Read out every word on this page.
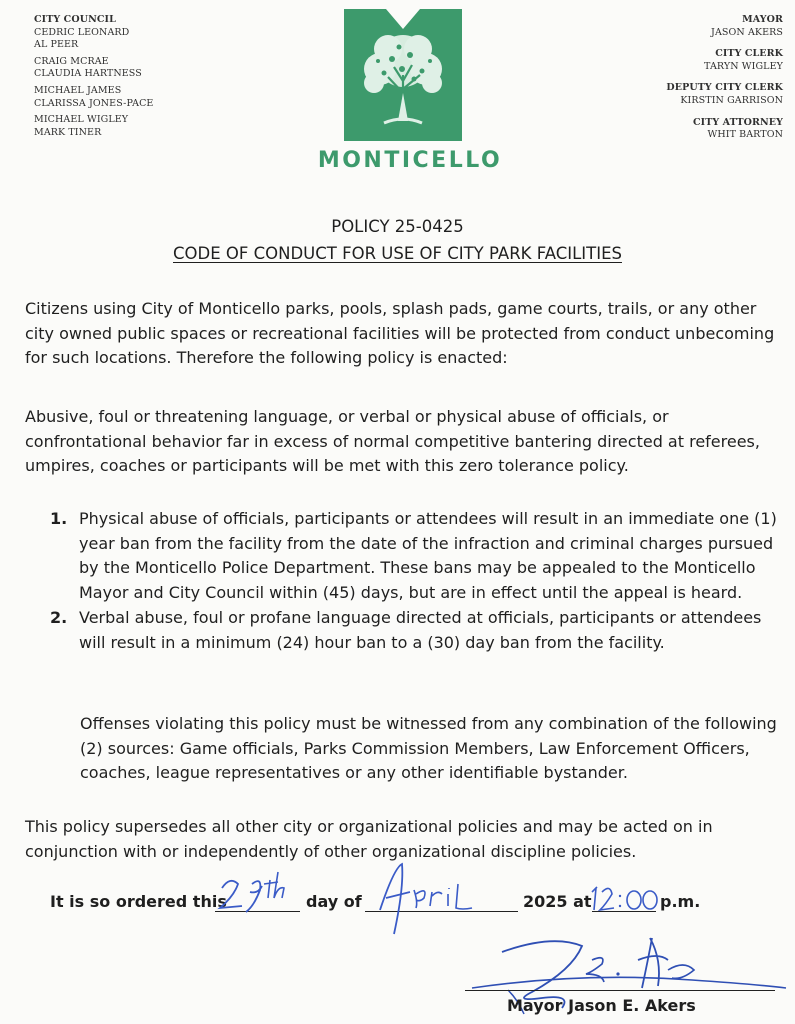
CITY COUNCIL
CEDRIC LEONARD
AL PEER
CRAIG MCRAE
CLAUDIA HARTNESS
MICHAEL JAMES
CLARISSA JONES-PACE
MICHAEL WIGLEY
MARK TINER
MAYOR
JASON AKERS
CITY CLERK
TARYN WIGLEY
DEPUTY CITY CLERK
KIRSTIN GARRISON
CITY ATTORNEY
WHIT BARTON
MONTICELLO
POLICY 25-0425
CODE OF CONDUCT FOR USE OF CITY PARK FACILITIES
Citizens using City of Monticello parks, pools, splash pads, game courts, trails, or any other city owned public spaces or recreational facilities will be protected from conduct unbecoming for such locations. Therefore the following policy is enacted:
Abusive, foul or threatening language, or verbal or physical abuse of officials, or confrontational behavior far in excess of normal competitive bantering directed at referees, umpires, coaches or participants will be met with this zero tolerance policy.
1. Physical abuse of officials, participants or attendees will result in an immediate one (1) year ban from the facility from the date of the infraction and criminal charges pursued by the Monticello Police Department. These bans may be appealed to the Monticello Mayor and City Council within (45) days, but are in effect until the appeal is heard.
2. Verbal abuse, foul or profane language directed at officials, participants or attendees will result in a minimum (24) hour ban to a (30) day ban from the facility.
Offenses violating this policy must be witnessed from any combination of the following (2) sources: Game officials, Parks Commission Members, Law Enforcement Officers, coaches, league representatives or any other identifiable bystander.
This policy supersedes all other city or organizational policies and may be acted on in conjunction with or independently of other organizational discipline policies.
It is so ordered this	day of	2025 at	p.m.
Mayor Jason E. Akers
